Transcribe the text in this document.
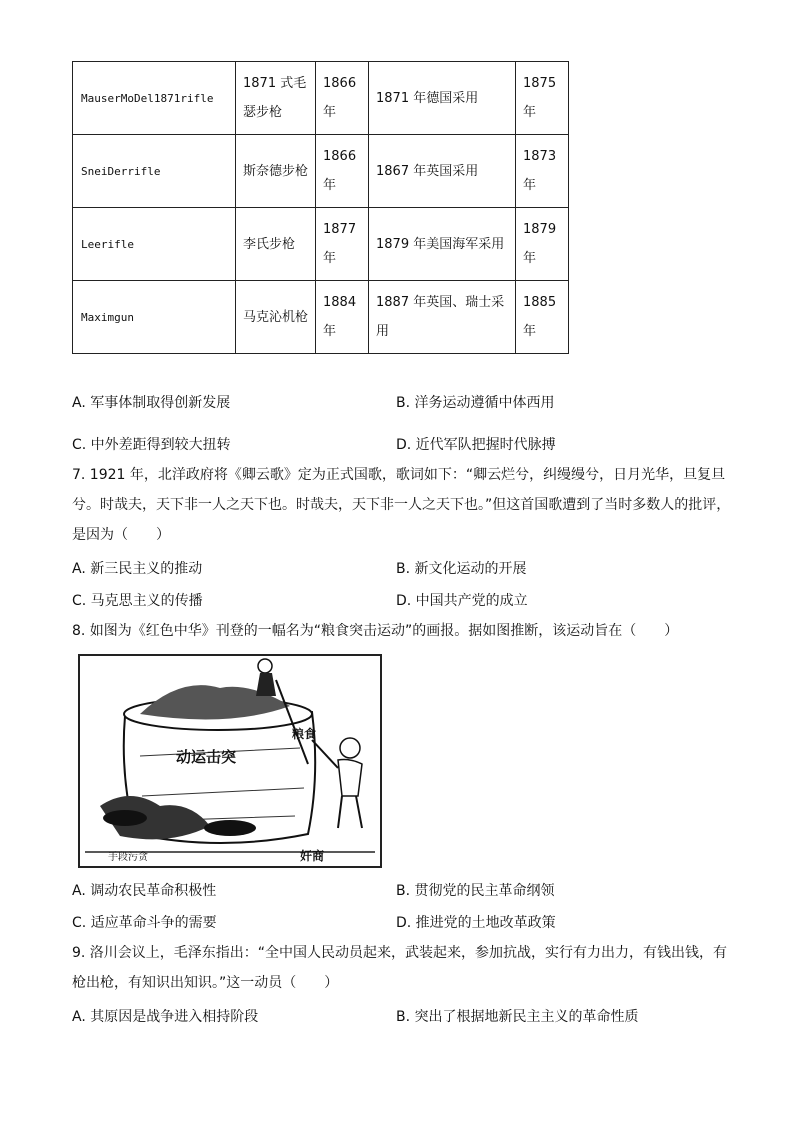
MauserMoDel1871rifle	1871 式毛瑟步枪	1866年	1871 年德国采用	1875年
SneiDerrifle	斯奈德步枪	1866年	1867 年英国采用	1873年
Leerifle	李氏步枪	1877年	1879 年美国海军采用	1879年
Maximgun	马克沁机枪	1884年	1887 年英国、瑞士采用	1885年
A. 军事体制取得创新发展	B. 洋务运动遵循中体西用
C. 中外差距得到较大扭转	D. 近代军队把握时代脉搏
7. 1921 年，北洋政府将《卿云歌》定为正式国歌，歌词如下：“卿云烂兮，纠缦缦兮，日月光华，旦复旦兮。时哉夫，天下非一人之天下也。时哉夫，天下非一人之天下也。”但这首国歌遭到了当时多数人的批评，是因为（　　）
A. 新三民主义的推动	B. 新文化运动的开展
C. 马克思主义的传播	D. 中国共产党的成立
8. 如图为《红色中华》刊登的一幅名为“粮食突击运动”的画报。据如图推断，该运动旨在（　　）
粮食
动运击突
手段污贪	奸商
A. 调动农民革命积极性	B. 贯彻党的民主革命纲领
C. 适应革命斗争的需要	D. 推进党的土地改革政策
9. 洛川会议上，毛泽东指出：“全中国人民动员起来，武装起来，参加抗战，实行有力出力，有钱出钱，有枪出枪，有知识出知识。”这一动员（　　）
A. 其原因是战争进入相持阶段	B. 突出了根据地新民主主义的革命性质
